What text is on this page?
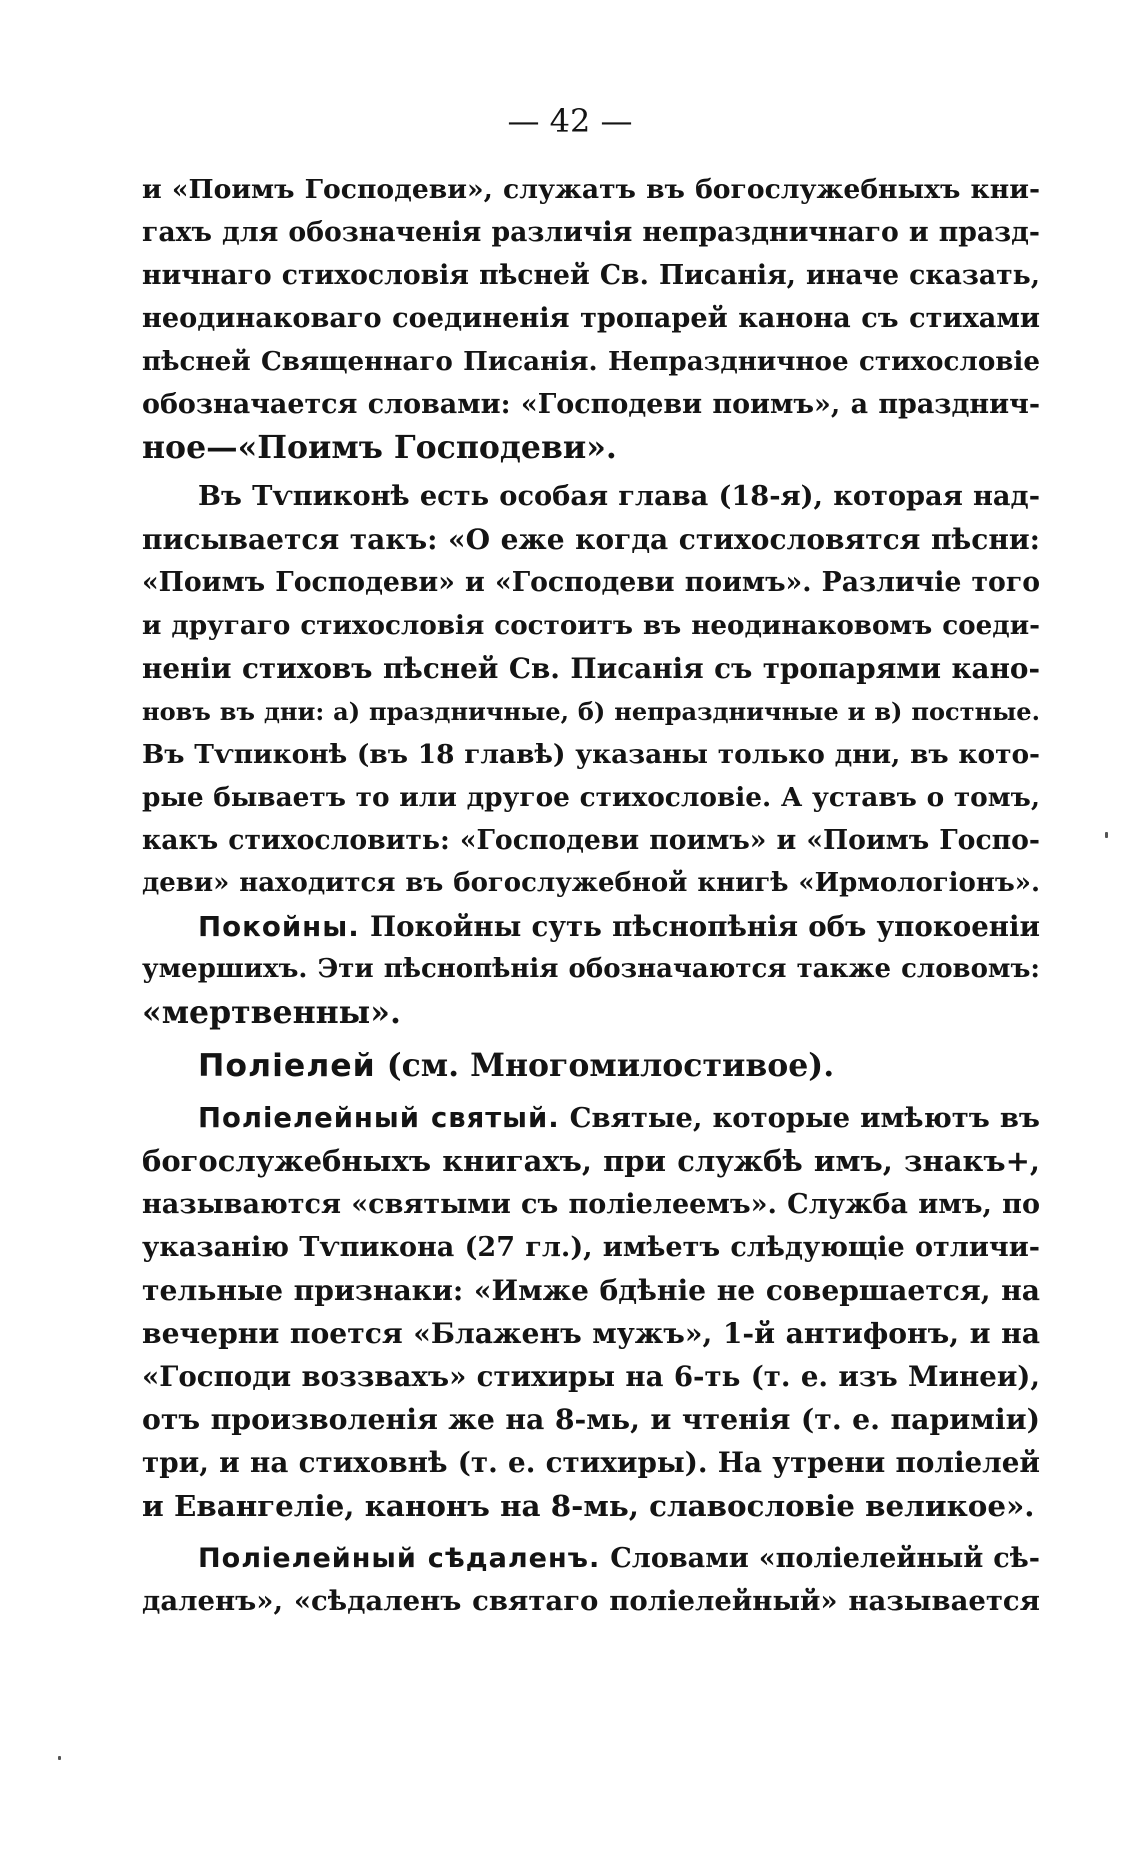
— 42 —
и «Поимъ Господеви», служатъ въ богослужебныхъ кни-
гахъ для обозначенія различія непраздничнаго и празд-
ничнаго стихословія пѣсней Св. Писанія, иначе сказать,
неодинаковаго соединенія тропарей канона съ стихами
пѣсней Священнаго Писанія. Непраздничное стихословіе
обозначается словами: «Господеви поимъ», а празднич-
ное—«Поимъ Господеви».
Въ Тѵпиконѣ есть особая глава (18-я), которая над-
писывается такъ: «О еже когда стихословятся пѣсни:
«Поимъ Господеви» и «Господеви поимъ». Различіе того
и другаго стихословія состоитъ въ неодинаковомъ соеди-
неніи стиховъ пѣсней Св. Писанія съ тропарями кано-
новъ въ дни: а) праздничные, б) непраздничные и в) постные.
Въ Тѵпиконѣ (въ 18 главѣ) указаны только дни, въ кото-
рые бываетъ то или другое стихословіе. А уставъ о томъ,
какъ стихословить: «Господеви поимъ» и «Поимъ Госпо-
деви» находится въ богослужебной книгѣ «Ирмологіонъ».
Покойны. Покойны суть пѣснопѣнія объ упокоеніи
умершихъ. Эти пѣснопѣнія обозначаются также словомъ:
«мертвенны».
Полiелей (см. Многомилостивое).
Полiелейный святый. Святые, которые имѣютъ въ
богослужебныхъ книгахъ, при службѣ имъ, знакъ+,
называются «святыми съ поліелеемъ». Служба имъ, по
указанію Тѵпикона (27 гл.), имѣетъ слѣдующіе отличи-
тельные признаки: «Имже бдѣніе не совершается, на
вечерни поется «Блаженъ мужъ», 1-й антифонъ, и на
«Господи воззвахъ» стихиры на 6-ть (т. е. изъ Минеи),
отъ произволенія же на 8-мь, и чтенія (т. е. паримiи)
три, и на стиховнѣ (т. е. стихиры). На утрени полiелей
и Евангеліе, канонъ на 8-мь, славословіе великое».
Полiелейный сѣдаленъ. Словами «полiелейный сѣ-
даленъ», «сѣдаленъ святаго полiелейный» называется
